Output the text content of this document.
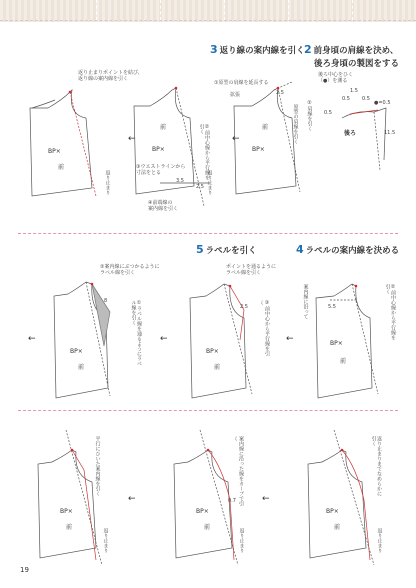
3 返り線の案内線を引く 2 前身頃の肩線を決め、
後ろ身頃の製図をする
5 ラペルを引く	4 ラペルの案内線を決める
BP×
前
BP×
前
BP×
前
後ろ
BP×
前
BP×
前
BP×
前
BP×
前
BP×
前
BP×
前
←	←
←	←	←
←	←
返り止まりポイントを結び、
返り線の案内線を引く
①原型の肩線を延長する
拡張
②前中心線から平行線を引く
③ウエストラインから
寸法をとる
④前端線の
案内線を引く
原型の肩線を引く
後ろ中心をひく
（●）を測る
②肩線を引く
返り止まり	返り止まり
2.5
2.5
3.5
1.5
0.5
0.5
0.5
●=0.5
11.5
②案内線にぶつかるように
ラペル線を引く
ポイントを通るように
ラペル線を引く
①ラペル線を通るようにラペル線を引く	③前中心から平行線を引く	②前中心線から平行線を引く
案内線に沿って
8
5.5
2.5
平行にひいた案内線を引く	案内線に沿った線をカーブで引く	返り止まりまでなめらかに引く
0.7
返り止まり	返り止まり	返り止まり
19
